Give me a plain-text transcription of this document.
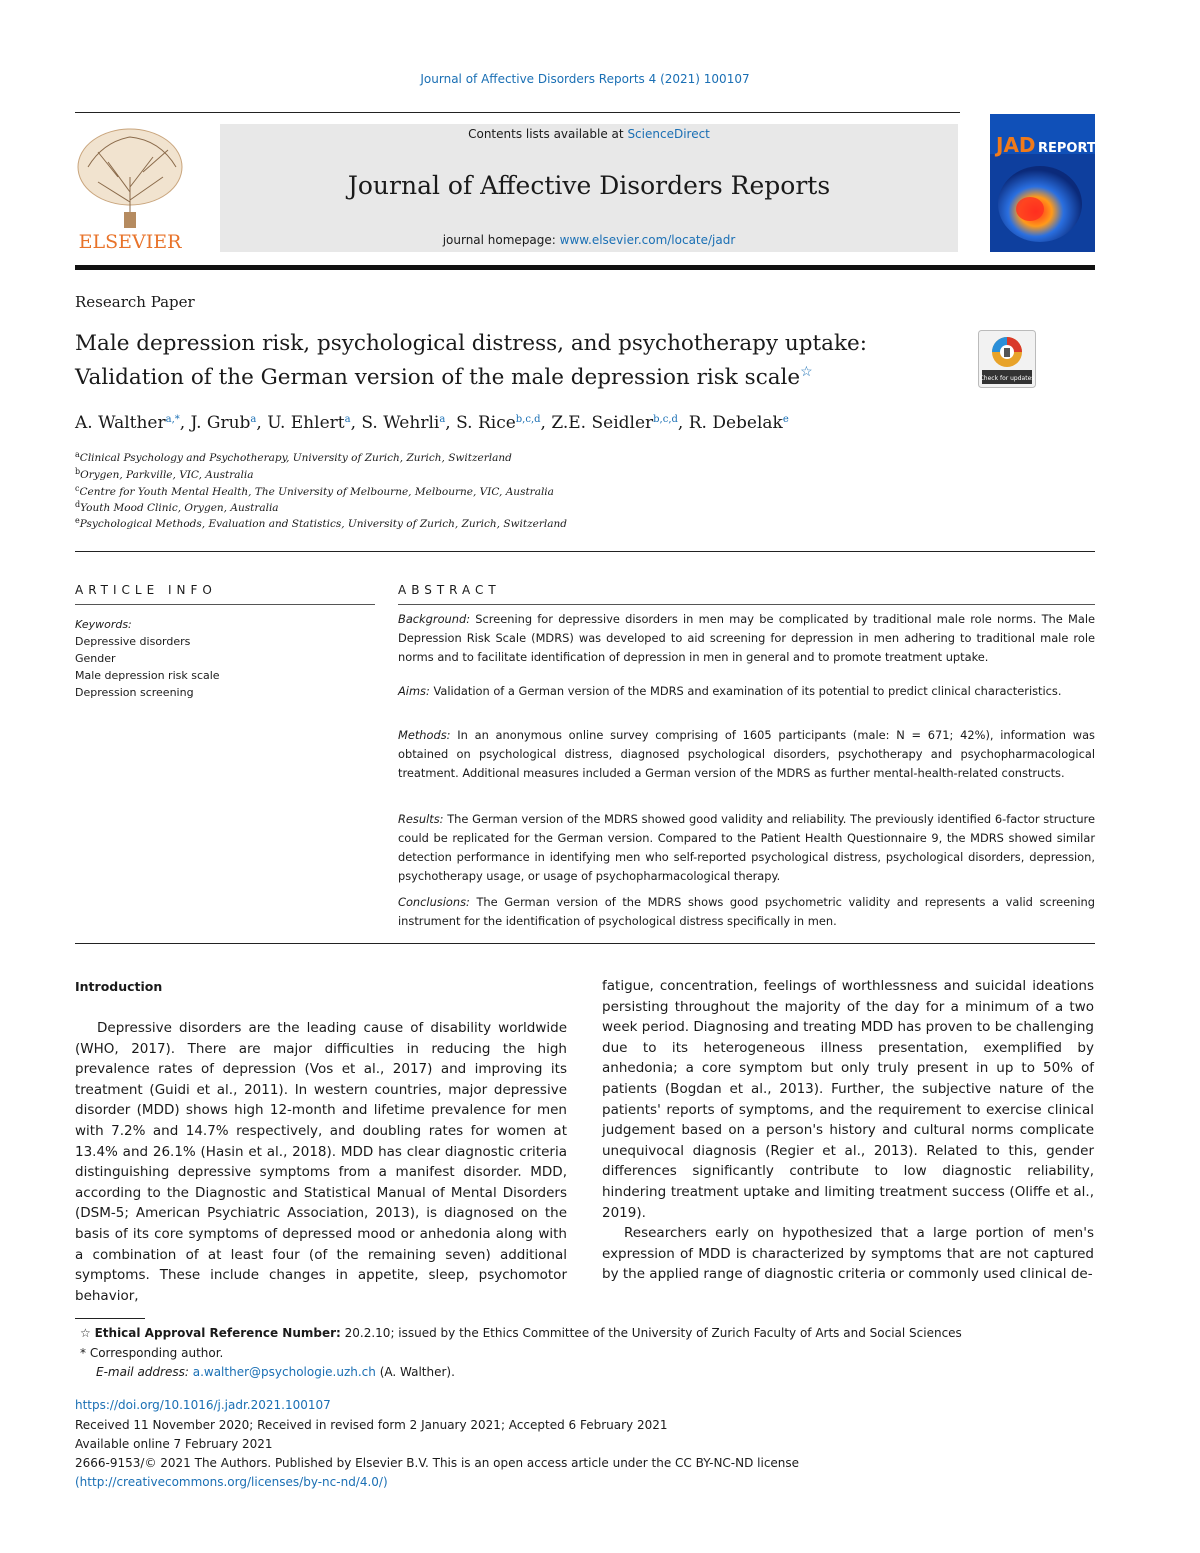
Journal of Affective Disorders Reports 4 (2021) 100107
ELSEVIER
Contents lists available at ScienceDirect
Journal of Affective Disorders Reports
journal homepage: www.elsevier.com/locate/jadr
JAD REPORTS
Research Paper
Male depression risk, psychological distress, and psychotherapy uptake:
Validation of the German version of the male depression risk scale☆	Check for updates
A. Walther$^{a,*}$, J. Grub$^a$, U. Ehlert$^a$, S. Wehrli$^a$, S. Rice$^{b,c,d}$, Z.E. Seidler$^{b,c,d}$, R. Debelak$^e$
$^a$Clinical Psychology and Psychotherapy, University of Zurich, Zurich, Switzerland
$^b$Orygen, Parkville, VIC, Australia
$^c$Centre for Youth Mental Health, The University of Melbourne, Melbourne, VIC, Australia
$^d$Youth Mood Clinic, Orygen, Australia
$^e$Psychological Methods, Evaluation and Statistics, University of Zurich, Zurich, Switzerland
ARTICLE INFO
Keywords:
Depressive disorders
Gender
Male depression risk scale
Depression screening
ABSTRACT
Background: Screening for depressive disorders in men may be complicated by traditional male role norms. The Male Depression Risk Scale (MDRS) was developed to aid screening for depression in men adhering to traditional male role norms and to facilitate identification of depression in men in general and to promote treatment uptake.
Aims: Validation of a German version of the MDRS and examination of its potential to predict clinical characteristics.
Methods: In an anonymous online survey comprising of 1605 participants (male: N = 671; 42%), information was obtained on psychological distress, diagnosed psychological disorders, psychotherapy and psychopharmacological treatment. Additional measures included a German version of the MDRS as further mental-health-related constructs.
Results: The German version of the MDRS showed good validity and reliability. The previously identified 6-factor structure could be replicated for the German version. Compared to the Patient Health Questionnaire 9, the MDRS showed similar detection performance in identifying men who self-reported psychological distress, psychological disorders, depression, psychotherapy usage, or usage of psychopharmacological therapy.
Conclusions: The German version of the MDRS shows good psychometric validity and represents a valid screening instrument for the identification of psychological distress specifically in men.
Introduction
Depressive disorders are the leading cause of disability worldwide (WHO, 2017). There are major difficulties in reducing the high prevalence rates of depression (Vos et al., 2017) and improving its treatment (Guidi et al., 2011). In western countries, major depressive disorder (MDD) shows high 12-month and lifetime prevalence for men with 7.2% and 14.7% respectively, and doubling rates for women at 13.4% and 26.1% (Hasin et al., 2018). MDD has clear diagnostic criteria distinguishing depressive symptoms from a manifest disorder. MDD, according to the Diagnostic and Statistical Manual of Mental Disorders (DSM-5; American Psychiatric Association, 2013), is diagnosed on the basis of its core symptoms of depressed mood or anhedonia along with a combination of at least four (of the remaining seven) additional symptoms. These include changes in appetite, sleep, psychomotor behavior,
fatigue, concentration, feelings of worthlessness and suicidal ideations persisting throughout the majority of the day for a minimum of a two week period. Diagnosing and treating MDD has proven to be challenging due to its heterogeneous illness presentation, exemplified by anhedonia; a core symptom but only truly present in up to 50% of patients (Bogdan et al., 2013). Further, the subjective nature of the patients' reports of symptoms, and the requirement to exercise clinical judgement based on a person's history and cultural norms complicate unequivocal diagnosis (Regier et al., 2013). Related to this, gender differences significantly contribute to low diagnostic reliability, hindering treatment uptake and limiting treatment success (Oliffe et al., 2019).
Researchers early on hypothesized that a large portion of men's expression of MDD is characterized by symptoms that are not captured by the applied range of diagnostic criteria or commonly used clinical de-
☆ Ethical Approval Reference Number: 20.2.10; issued by the Ethics Committee of the University of Zurich Faculty of Arts and Social Sciences
* Corresponding author.
E-mail address: a.walther@psychologie.uzh.ch (A. Walther).
https://doi.org/10.1016/j.jadr.2021.100107
Received 11 November 2020; Received in revised form 2 January 2021; Accepted 6 February 2021
Available online 7 February 2021
2666-9153/© 2021 The Authors. Published by Elsevier B.V. This is an open access article under the CC BY-NC-ND license
(http://creativecommons.org/licenses/by-nc-nd/4.0/)
